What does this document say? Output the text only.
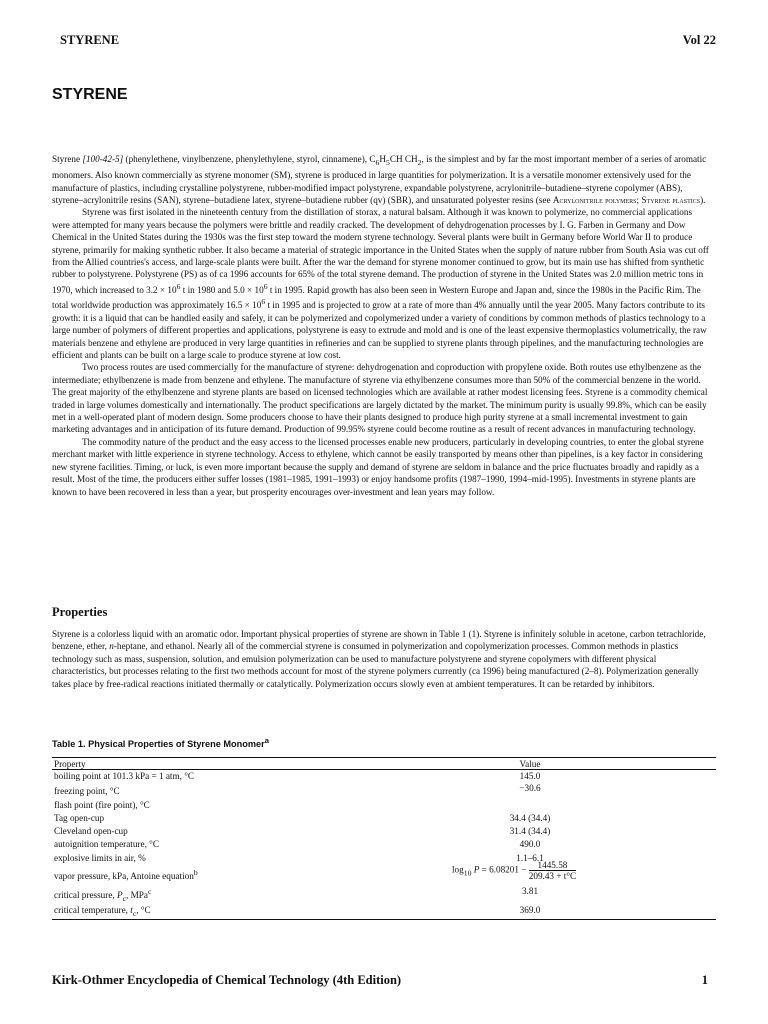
STYRENE	Vol 22
STYRENE

Styrene [100-42-5] (phenylethene, vinylbenzene, phenylethylene, styrol, cinnamene), $C_6H_5CH$ $CH_2$, is the simplest and by far the most important member of a series of aromatic monomers. Also known commercially as styrene monomer (SM), styrene is produced in large quantities for polymerization. It is a versatile monomer extensively used for the manufacture of plastics, including crystalline polystyrene, rubber-modified impact polystyrene, expandable polystyrene, acrylonitrile–butadiene–styrene copolymer (ABS), styrene–acrylonitrile resins (SAN), styrene–butadiene latex, styrene–butadiene rubber (qv) (SBR), and unsaturated polyester resins (see Acrylonitrile polymers; Styrene plastics).

Styrene was first isolated in the nineteenth century from the distillation of storax, a natural balsam. Although it was known to polymerize, no commercial applications were attempted for many years because the polymers were brittle and readily cracked. The development of dehydrogenation processes by I. G. Farben in Germany and Dow Chemical in the United States during the 1930s was the first step toward the modern styrene technology. Several plants were built in Germany before World War II to produce styrene, primarily for making synthetic rubber. It also became a material of strategic importance in the United States when the supply of nature rubber from South Asia was cut off from the Allied countries's access, and large-scale plants were built. After the war the demand for styrene monomer continued to grow, but its main use has shifted from synthetic rubber to polystyrene. Polystyrene (PS) as of ca 1996 accounts for 65% of the total styrene demand. The production of styrene in the United States was 2.0 million metric tons in 1970, which increased to $3.2 \times 10^6$ t in 1980 and $5.0 \times 10^6$ t in 1995. Rapid growth has also been seen in Western Europe and Japan and, since the 1980s in the Pacific Rim. The total worldwide production was approximately $16.5 \times 10^6$ t in 1995 and is projected to grow at a rate of more than 4% annually until the year 2005. Many factors contribute to its growth: it is a liquid that can be handled easily and safely, it can be polymerized and copolymerized under a variety of conditions by common methods of plastics technology to a large number of polymers of different properties and applications, polystyrene is easy to extrude and mold and is one of the least expensive thermoplastics volumetrically, the raw materials benzene and ethylene are produced in very large quantities in refineries and can be supplied to styrene plants through pipelines, and the manufacturing technologies are efficient and plants can be built on a large scale to produce styrene at low cost.

Two process routes are used commercially for the manufacture of styrene: dehydrogenation and coproduction with propylene oxide. Both routes use ethylbenzene as the intermediate; ethylbenzene is made from benzene and ethylene. The manufacture of styrene via ethylbenzene consumes more than 50% of the commercial benzene in the world. The great majority of the ethylbenzene and styrene plants are based on licensed technologies which are available at rather modest licensing fees. Styrene is a commodity chemical traded in large volumes domestically and internationally. The product specifications are largely dictated by the market. The minimum purity is usually 99.8%, which can be easily met in a well-operated plant of modern design. Some producers choose to have their plants designed to produce high purity styrene at a small incremental investment to gain marketing advantages and in anticipation of its future demand. Production of 99.95% styrene could become routine as a result of recent advances in manufacturing technology.

The commodity nature of the product and the easy access to the licensed processes enable new producers, particularly in developing countries, to enter the global styrene merchant market with little experience in styrene technology. Access to ethylene, which cannot be easily transported by means other than pipelines, is a key factor in considering new styrene facilities. Timing, or luck, is even more important because the supply and demand of styrene are seldom in balance and the price fluctuates broadly and rapidly as a result. Most of the time, the producers either suffer losses (1981–1985, 1991–1993) or enjoy handsome profits (1987–1990, 1994–mid-1995). Investments in styrene plants are known to have been recovered in less than a year, but prosperity encourages over-investment and lean years may follow.

Properties

Styrene is a colorless liquid with an aromatic odor. Important physical properties of styrene are shown in Table 1 (1). Styrene is infinitely soluble in acetone, carbon tetrachloride, benzene, ether, n-heptane, and ethanol. Nearly all of the commercial styrene is consumed in polymerization and copolymerization processes. Common methods in plastics technology such as mass, suspension, solution, and emulsion polymerization can be used to manufacture polystyrene and styrene copolymers with different physical characteristics, but processes relating to the first two methods account for most of the styrene polymers currently (ca 1996) being manufactured (2–8). Polymerization generally takes place by free-radical reactions initiated thermally or catalytically. Polymerization occurs slowly even at ambient temperatures. It can be retarded by inhibitors.

Table 1. Physical Properties of Styrene Monomer$^a$
Property	Value
boiling point at 101.3 kPa = 1 atm, °C	145.0
freezing point, °C	−30.6
flash point (fire point), °C
Tag open-cup	34.4 (34.4)
Cleveland open-cup	31.4 (34.4)
autoignition temperature, °C	490.0
explosive limits in air, %	1.1–6.1
vapor pressure, kPa, Antoine equation$^b$	$\log_{10} P = 6.08201 - \frac{1445.58}{209.43 + t^\circ C}$
critical pressure, $P_c$, MPa$^c$	3.81
critical temperature, $t_c$, °C	369.0
Kirk-Othmer Encyclopedia of Chemical Technology (4th Edition)	1
